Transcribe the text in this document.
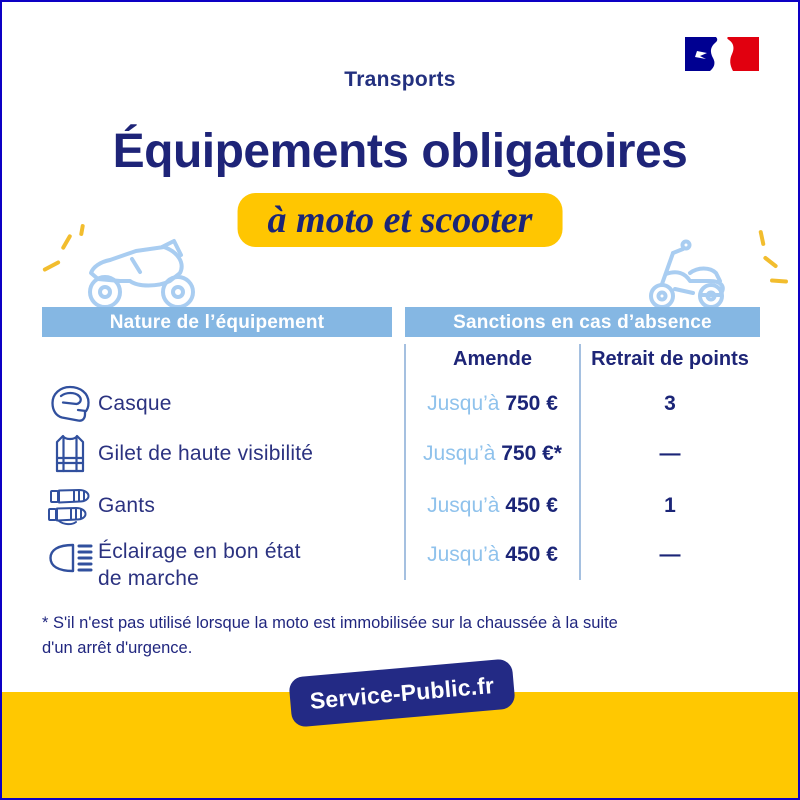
Transports
Équipements obligatoires
à moto et scooter
Nature de l’équipement	Sanctions en cas d’absence
Amende	Retrait de points
Casque	Jusqu’à 750 €	3
Gilet de haute visibilité	Jusqu’à 750 €*	—
Gants	Jusqu’à 450 €	1
Éclairage en bon état
de marche
Jusqu’à 450 €	—
* S'il n'est pas utilisé lorsque la moto est immobilisée sur la chaussée à la suite
d'un arrêt d'urgence.
Service-Public.fr
